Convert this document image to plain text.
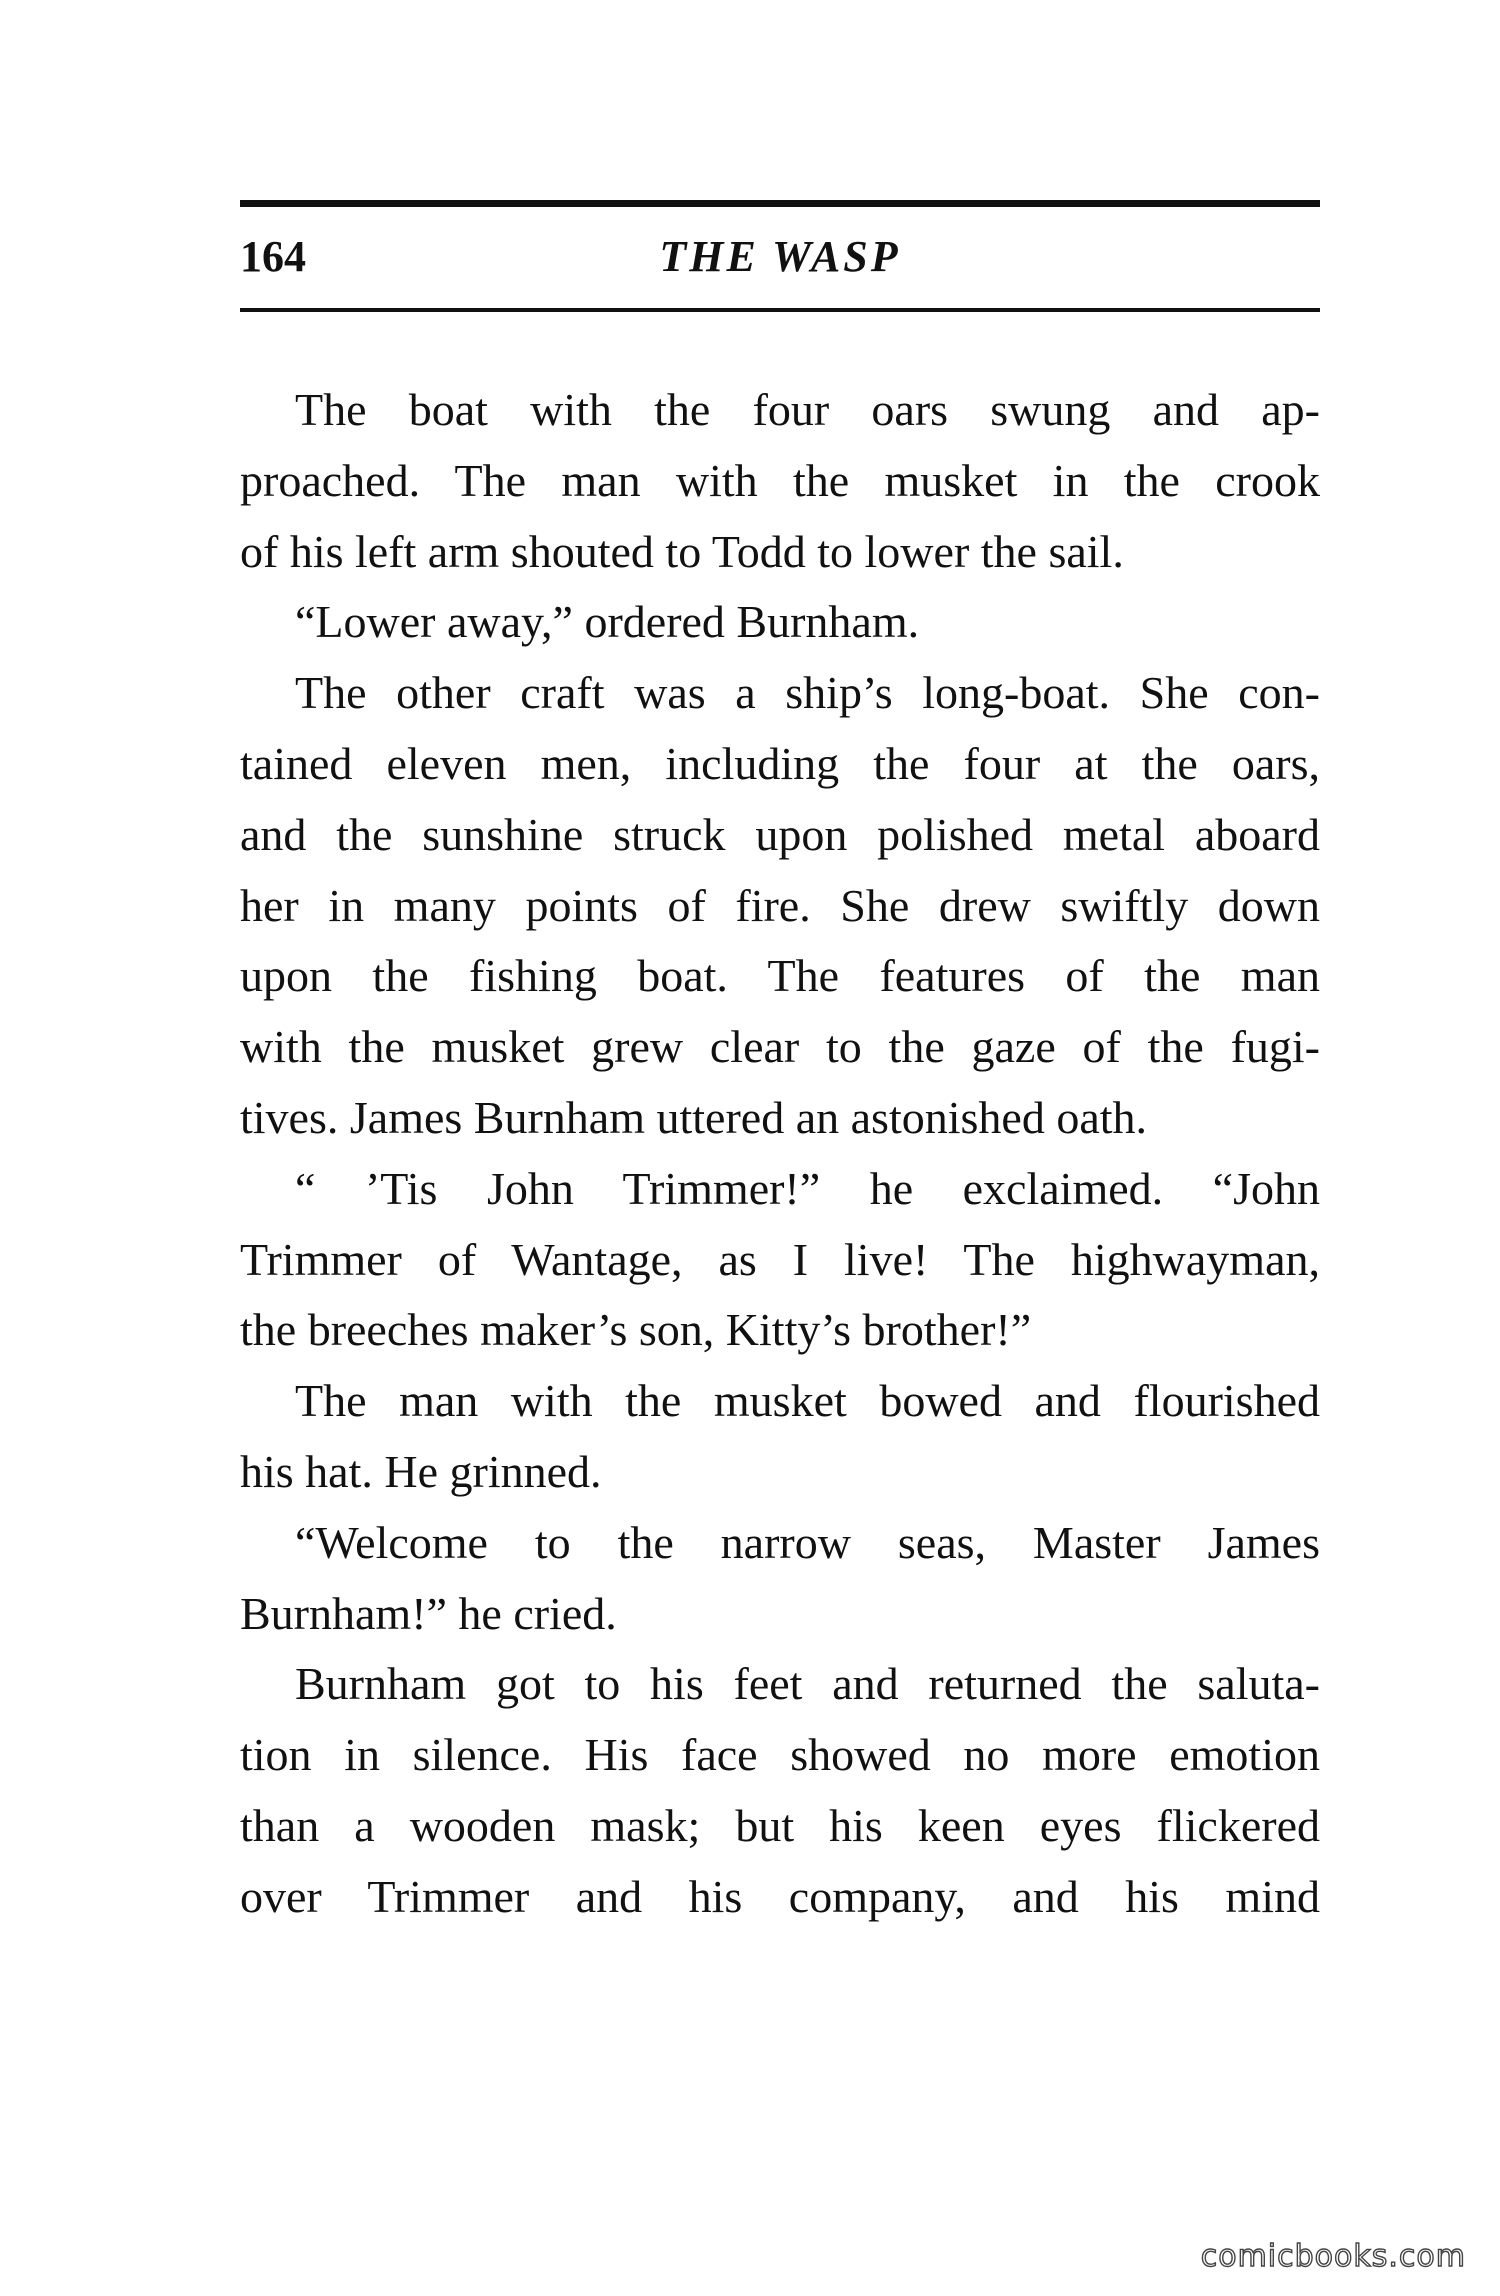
164	THE WASP
The boat with the four oars swung and ap-
proached. The man with the musket in the crook
of his left arm shouted to Todd to lower the sail.
“Lower away,” ordered Burnham.
The other craft was a ship’s long-boat. She con-
tained eleven men, including the four at the oars,
and the sunshine struck upon polished metal aboard
her in many points of fire. She drew swiftly down
upon the fishing boat. The features of the man
with the musket grew clear to the gaze of the fugi-
tives. James Burnham uttered an astonished oath.
“ ’Tis John Trimmer!” he exclaimed. “John
Trimmer of Wantage, as I live! The highwayman,
the breeches maker’s son, Kitty’s brother!”
The man with the musket bowed and flourished
his hat. He grinned.
“Welcome to the narrow seas, Master James
Burnham!” he cried.
Burnham got to his feet and returned the saluta-
tion in silence. His face showed no more emotion
than a wooden mask; but his keen eyes flickered
over Trimmer and his company, and his mind
comicbooks.com
